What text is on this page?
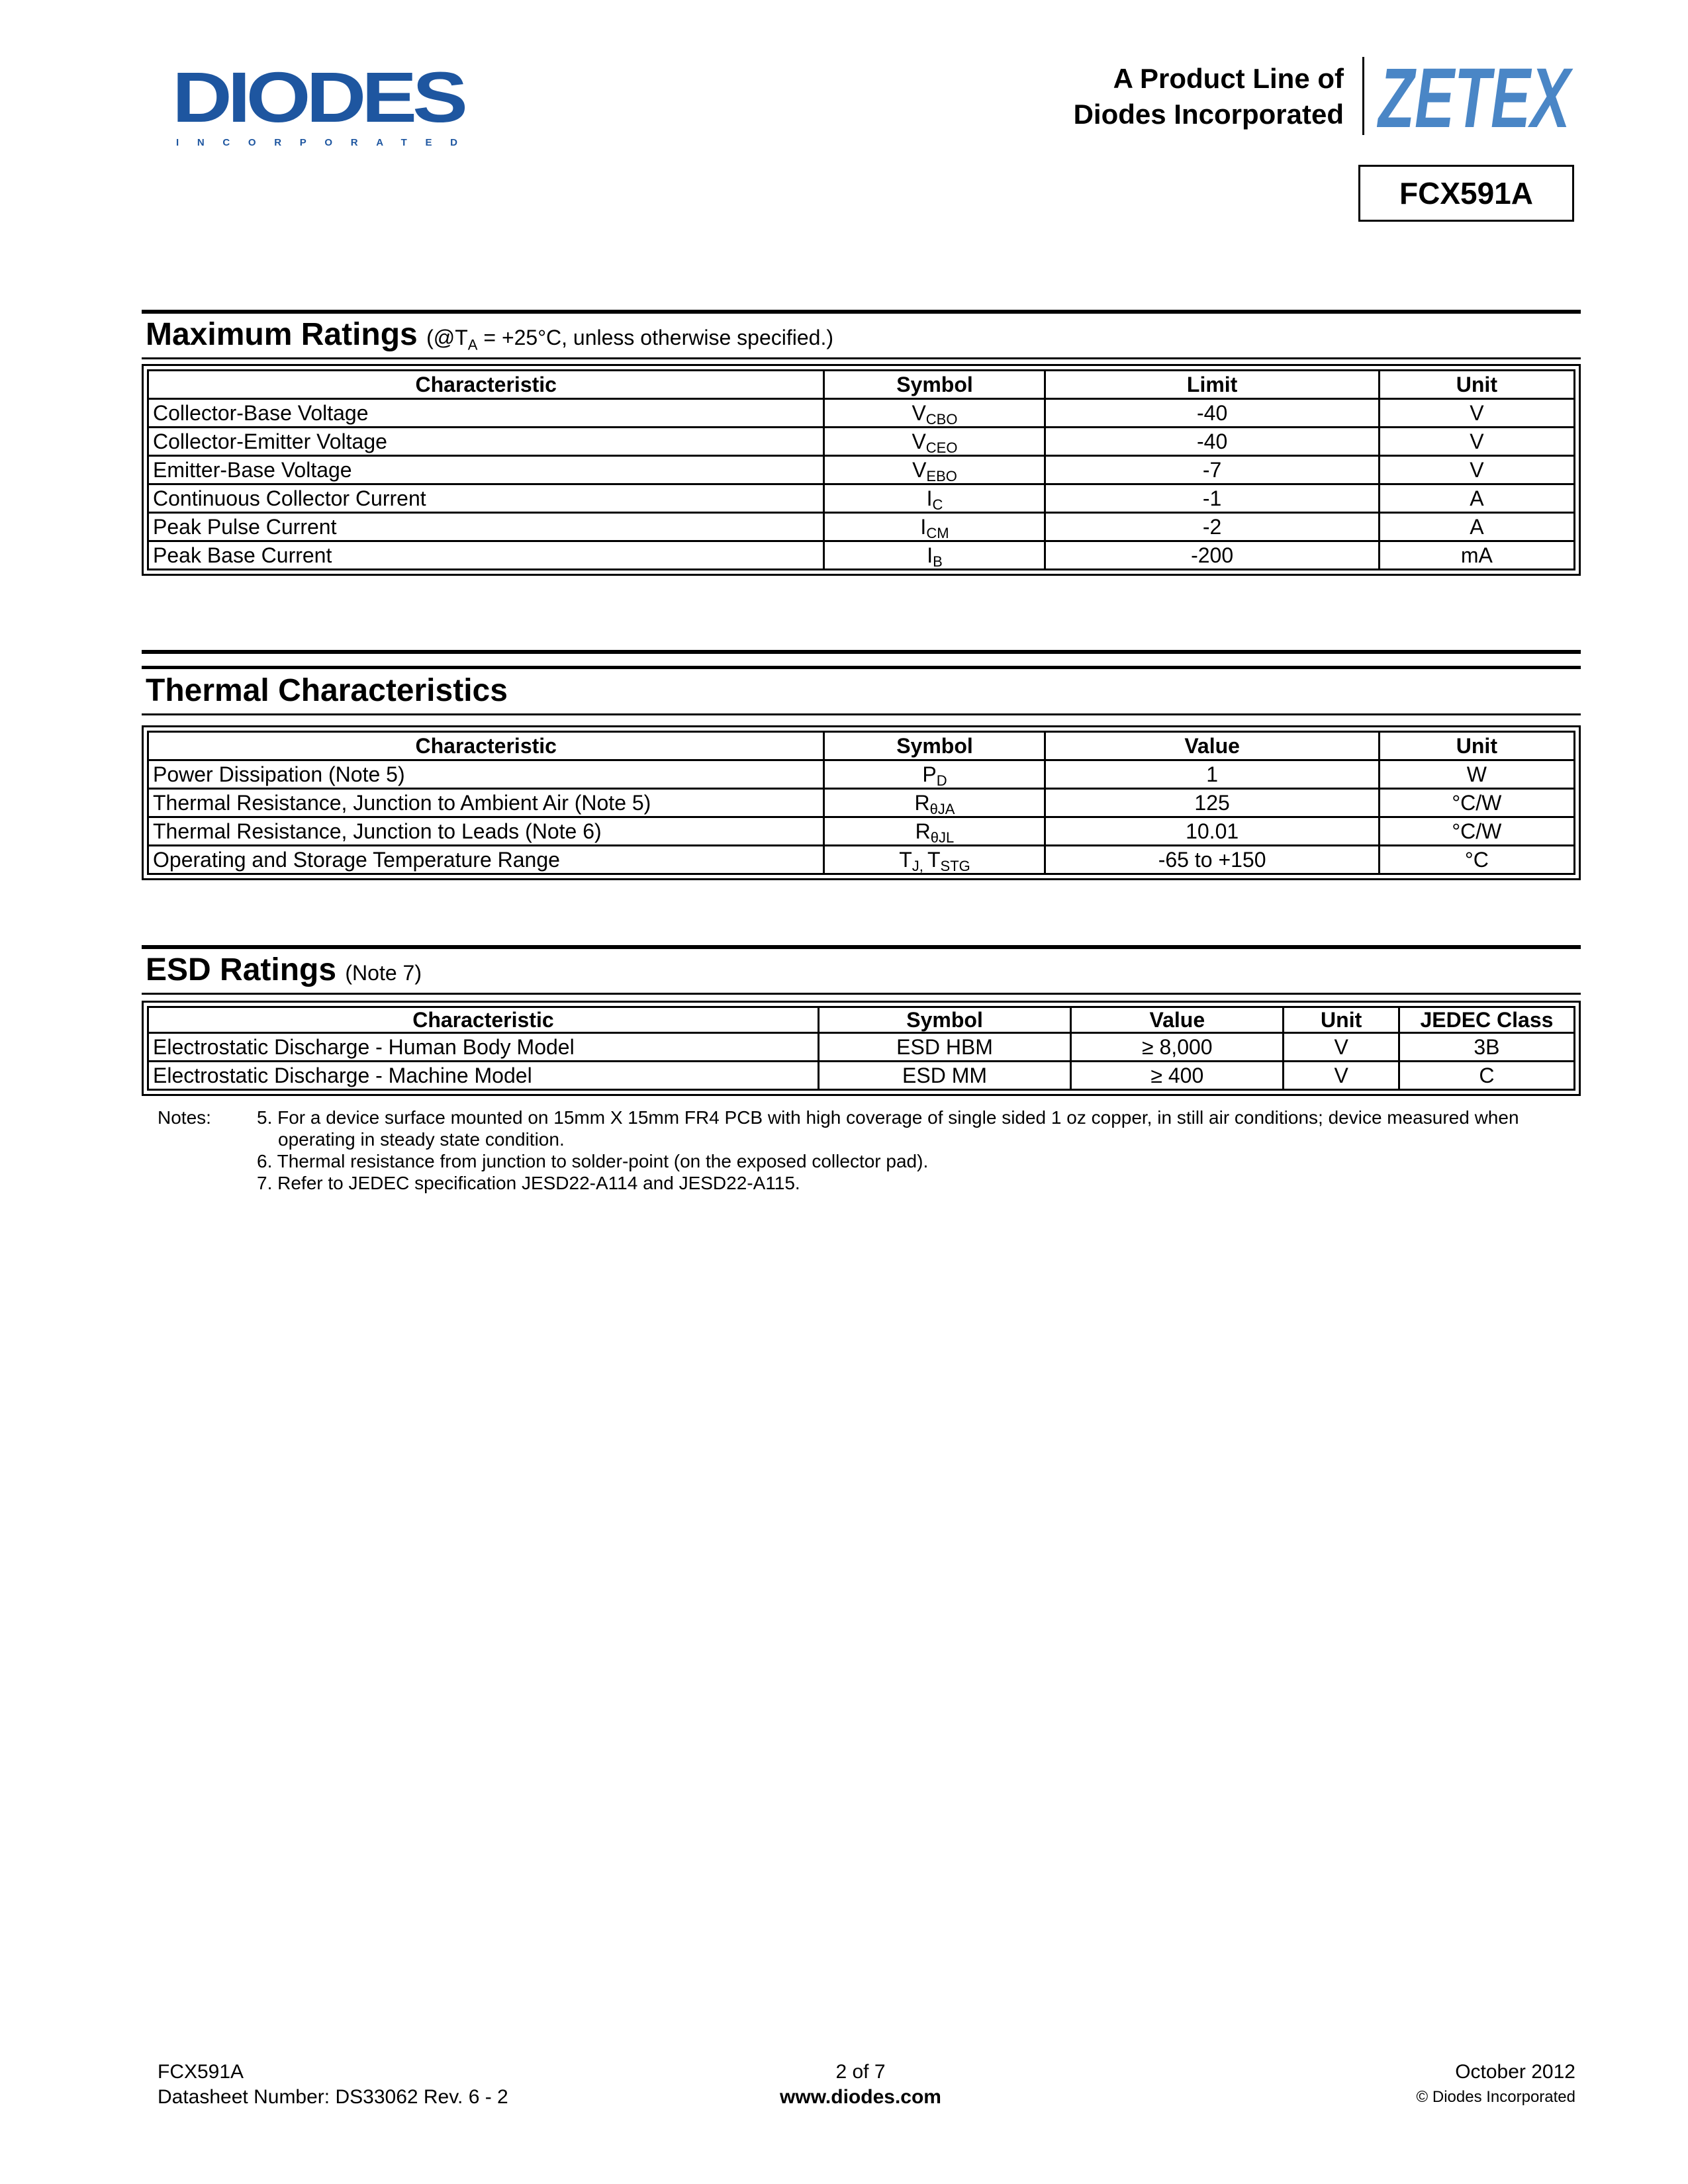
DIODES
INCORPORATED
A Product Line of
Diodes Incorporated ZETEX
FCX591A
Maximum Ratings ($@T_A = +25^\circ C$, unless otherwise specified.)
Characteristic	Symbol	Limit	Unit
Collector-Base Voltage	$V_{CBO}$	-40	V
Collector-Emitter Voltage	$V_{CEO}$	-40	V
Emitter-Base Voltage	$V_{EBO}$	-7	V
Continuous Collector Current	$I_C$	-1	A
Peak Pulse Current	$I_{CM}$	-2	A
Peak Base Current	$I_B$	-200	mA
Thermal Characteristics
Characteristic	Symbol	Value	Unit
Power Dissipation (Note 5)	$P_D$	1	W
Thermal Resistance, Junction to Ambient Air (Note 5)	$R_{\theta JA}$	125	°C/W
Thermal Resistance, Junction to Leads (Note 6)	$R_{\theta JL}$	10.01	°C/W
Operating and Storage Temperature Range	$T_{J,}$ $T_{STG}$	-65 to +150	°C
ESD Ratings (Note 7)
Characteristic	Symbol	Value	Unit	JEDEC Class
Electrostatic Discharge - Human Body Model	ESD HBM	≥ 8,000	V	3B
Electrostatic Discharge - Machine Model	ESD MM	≥ 400	V	C
Notes:	5. For a device surface mounted on 15mm X 15mm FR4 PCB with high coverage of single sided 1 oz copper, in still air conditions; device measured when
operating in steady state condition.
6. Thermal resistance from junction to solder-point (on the exposed collector pad).
7. Refer to JEDEC specification JESD22-A114 and JESD22-A115.
FCX591A
Datasheet Number: DS33062 Rev. 6 - 2
2 of 7
www.diodes.com
October 2012
© Diodes Incorporated
